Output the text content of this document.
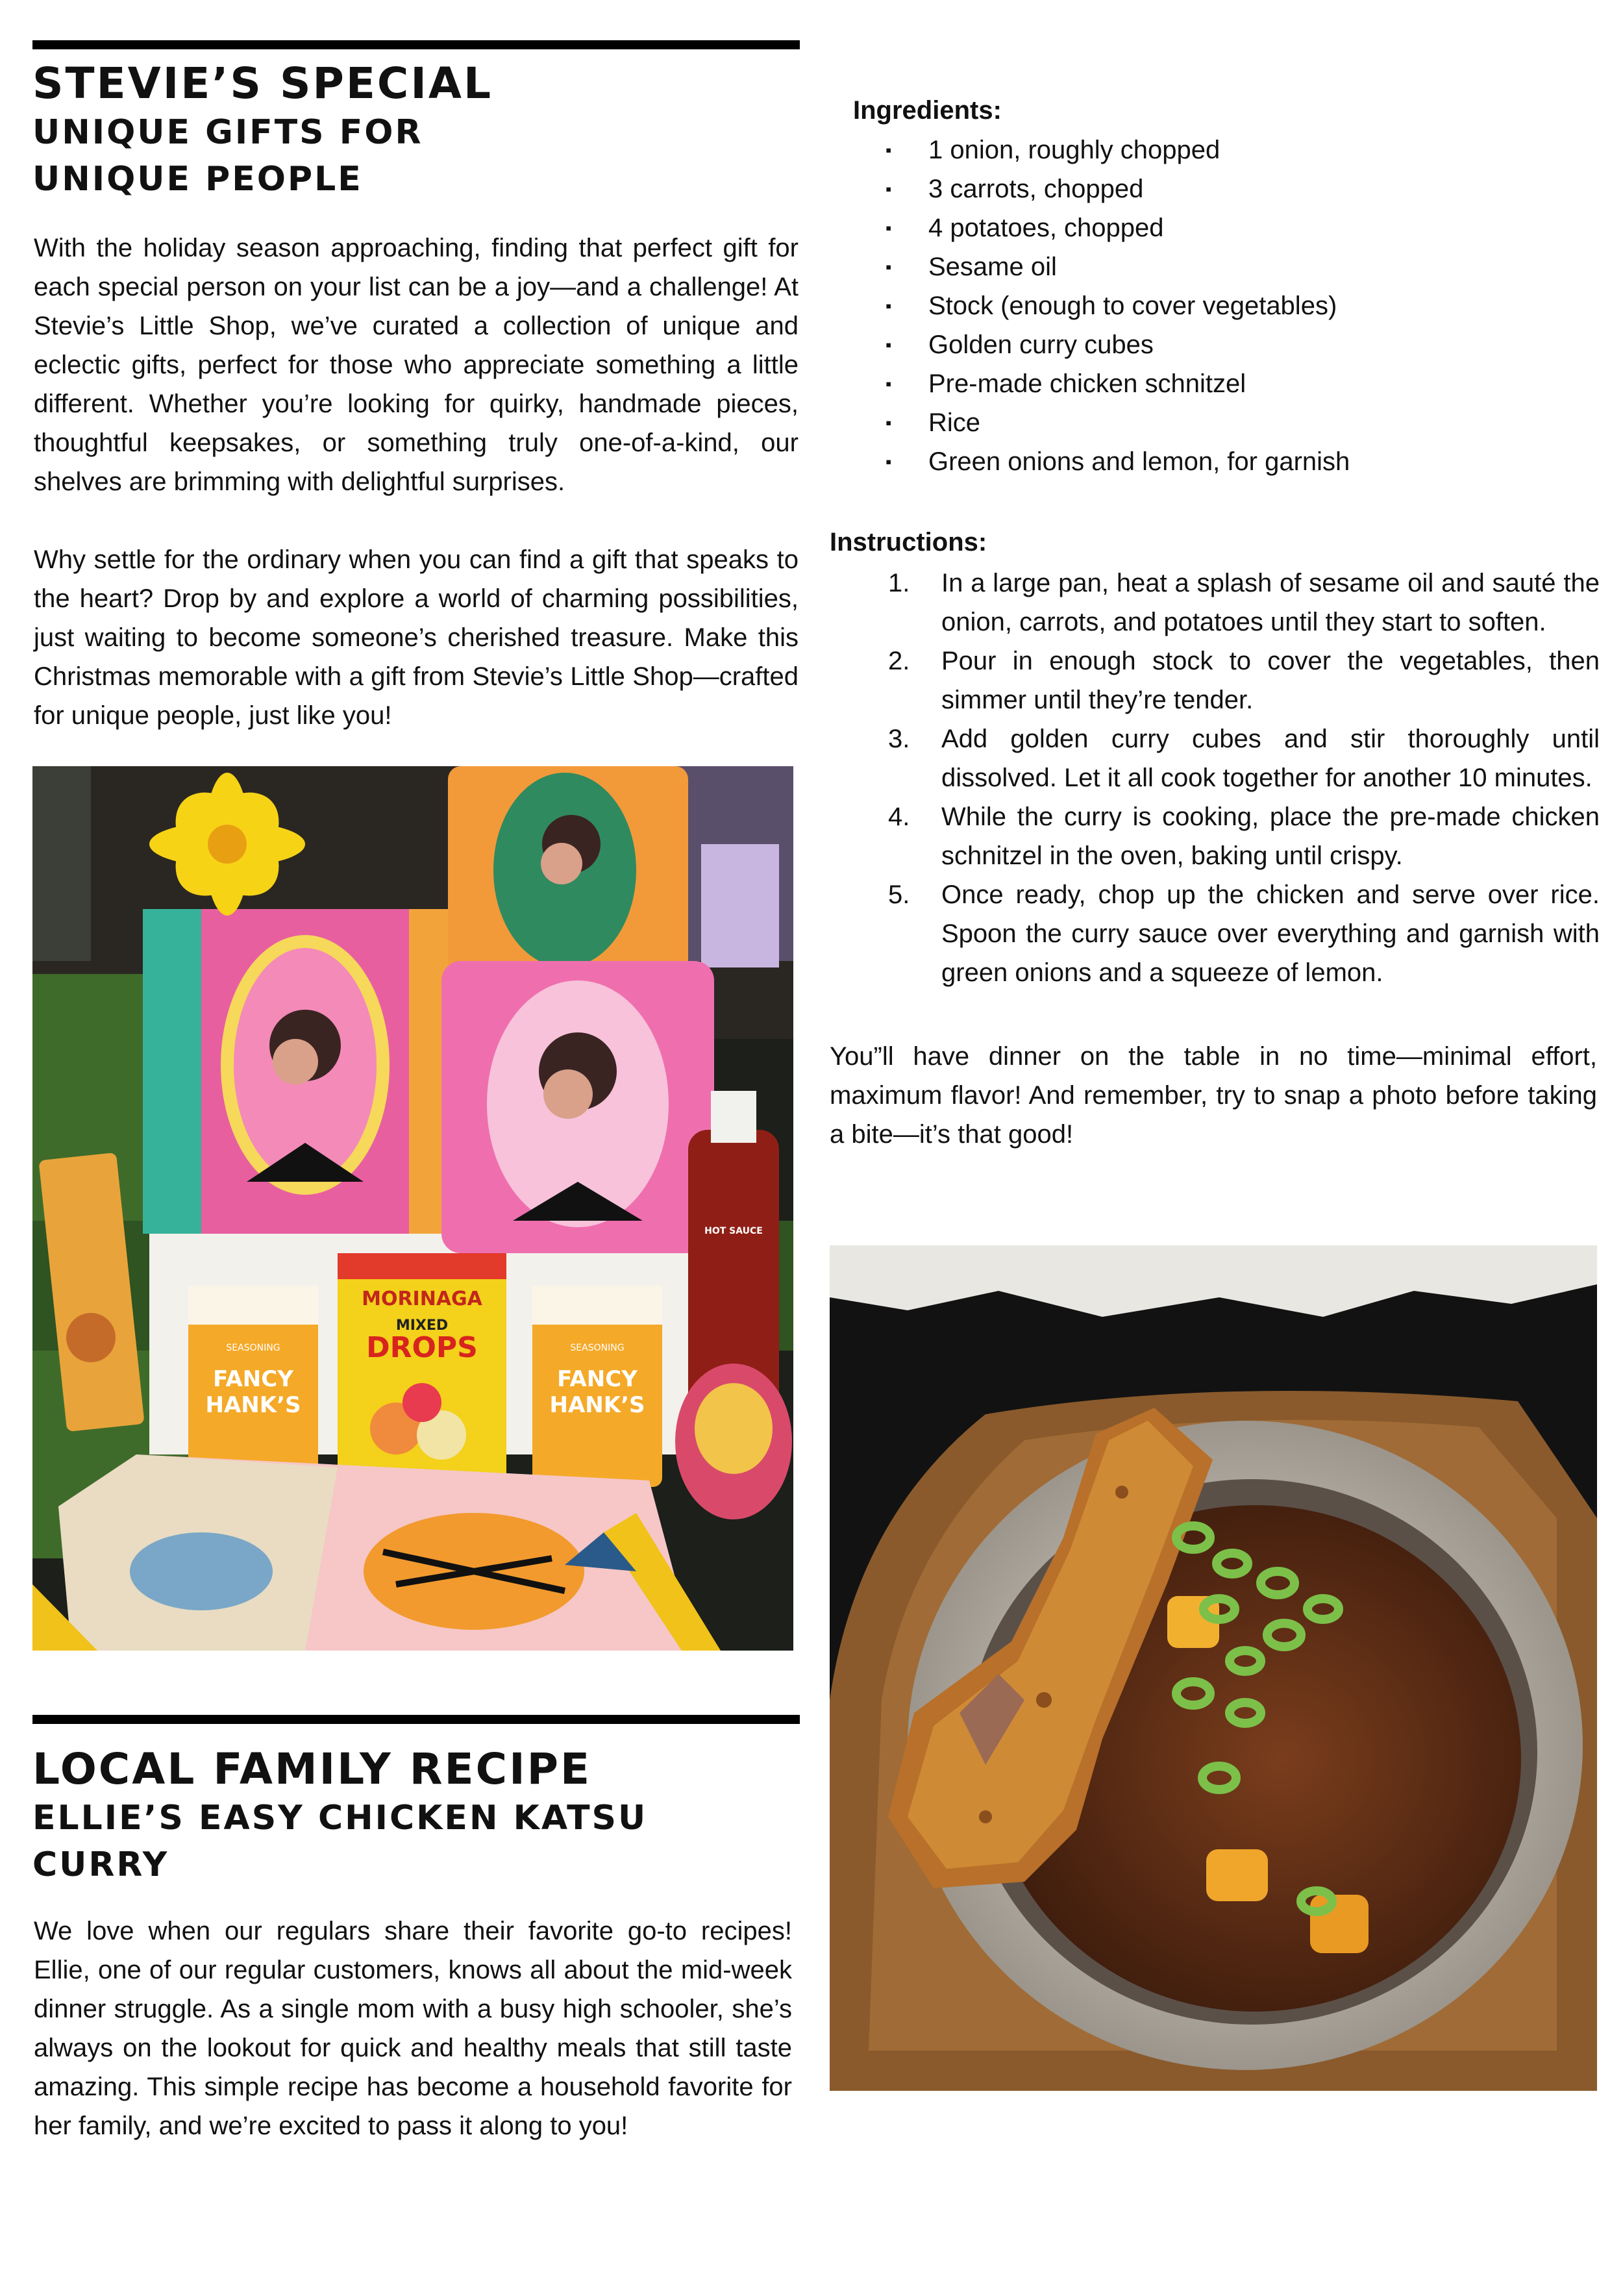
STEVIE’S SPECIAL
UNIQUE GIFTS FOR UNIQUE PEOPLE

With the holiday season approaching, finding that perfect gift for each special person on your list can be a joy—and a challenge! At Stevie’s Little Shop, we’ve curated a collection of unique and eclectic gifts, perfect for those who appreciate something a little different. Whether you’re looking for quirky, handmade pieces, thoughtful keepsakes, or something truly one-of-a-kind, our shelves are brimming with delightful surprises.

Why settle for the ordinary when you can find a gift that speaks to the heart? Drop by and explore a world of charming possibilities, just waiting to become someone’s cherished treasure. Make this Christmas memorable with a gift from Stevie’s Little Shop—crafted for unique people, just like you!

MORINAGA
MIXED
DROPS
SEASONING
FANCY
HANK’S
SEASONING
FANCY
HANK’S
HOT SAUCE
LOCAL FAMILY RECIPE
ELLIE’S EASY CHICKEN KATSU CURRY

We love when our regulars share their favorite go-to recipes! Ellie, one of our regular customers, knows all about the mid-week dinner struggle. As a single mom with a busy high schooler, she’s always on the lookout for quick and healthy meals that still taste amazing. This simple recipe has become a household favorite for her family, and we’re excited to pass it along to you!

Ingredients:

▪ 1 onion, roughly chopped
▪ 3 carrots, chopped
▪ 4 potatoes, chopped
▪ Sesame oil
▪ Stock (enough to cover vegetables)
▪ Golden curry cubes
▪ Pre-made chicken schnitzel
▪ Rice
▪ Green onions and lemon, for garnish

Instructions:

1. In a large pan, heat a splash of sesame oil and sauté the onion, carrots, and potatoes until they start to soften.
2. Pour in enough stock to cover the vegetables, then simmer until they’re tender.
3. Add golden curry cubes and stir thoroughly until dissolved. Let it all cook together for another 10 minutes.
4. While the curry is cooking, place the pre-made chicken schnitzel in the oven, baking until crispy.
5. Once ready, chop up the chicken and serve over rice. Spoon the curry sauce over everything and garnish with green onions and a squeeze of lemon.

You”ll have dinner on the table in no time—minimal effort, maximum flavor! And remember, try to snap a photo before taking a bite—it’s that good!
